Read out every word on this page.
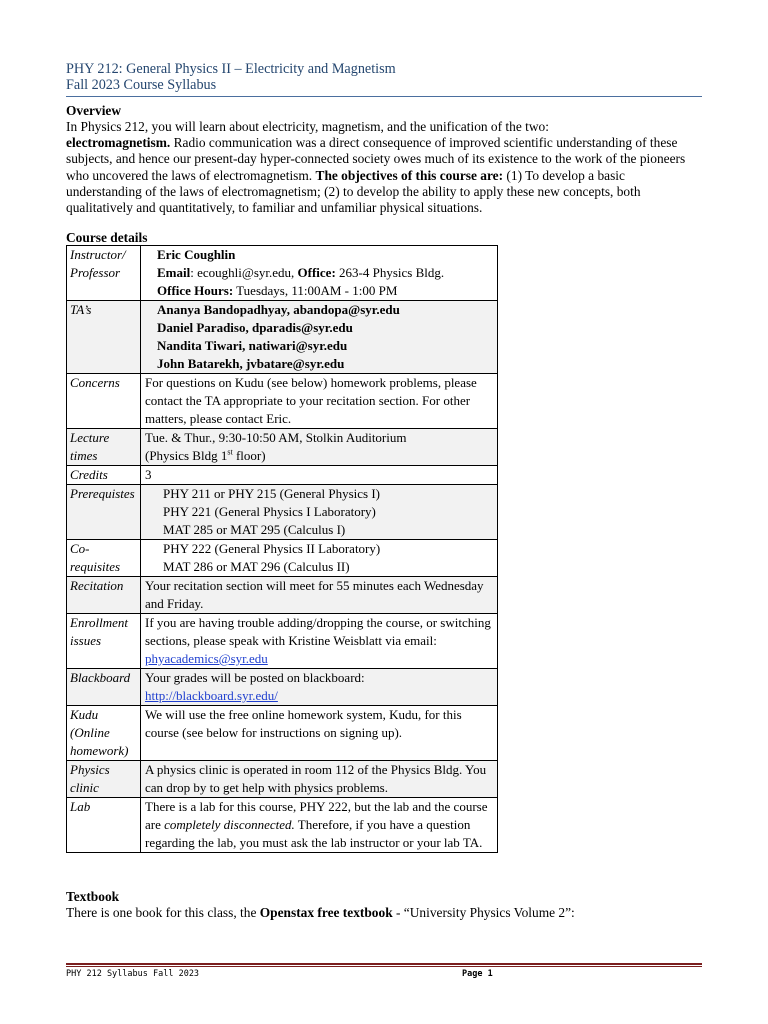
PHY 212: General Physics II – Electricity and Magnetism
Fall 2023 Course Syllabus
Overview
In Physics 212, you will learn about electricity, magnetism, and the unification of the two:
electromagnetism. Radio communication was a direct consequence of improved scientific understanding of these subjects, and hence our present-day hyper-connected society owes much of its existence to the work of the pioneers who uncovered the laws of electromagnetism. The objectives of this course are: (1) To develop a basic understanding of the laws of electromagnetism; (2) to develop the ability to apply these new concepts, both qualitatively and quantitatively, to familiar and unfamiliar physical situations.
Course details
Instructor/ Professor	Eric Coughlin
Email: ecoughli@syr.edu, Office: 263-4 Physics Bldg.
Office Hours: Tuesdays, 11:00AM - 1:00 PM

TA’s	Ananya Bandopadhyay, abandopa@syr.edu
Daniel Paradiso, dparadis@syr.edu
Nandita Tiwari, natiwari@syr.edu
John Batarekh, jvbatare@syr.edu

Concerns	For questions on Kudu (see below) homework problems, please contact the TA appropriate to your recitation section. For other matters, please contact Eric.
Lecture times	Tue. & Thur., 9:30-10:50 AM, Stolkin Auditorium
(Physics Bldg 1st floor)

Credits	3
Prerequistes	PHY 211 or PHY 215 (General Physics I)
PHY 221 (General Physics I Laboratory)
MAT 285 or MAT 295 (Calculus I)

Co-requisites	PHY 222 (General Physics II Laboratory)
MAT 286 or MAT 296 (Calculus II)

Recitation	Your recitation section will meet for 55 minutes each Wednesday and Friday.
Enrollment issues	If you are having trouble adding/dropping the course, or switching sections, please speak with Kristine Weisblatt via email: phyacademics@syr.edu
Blackboard	Your grades will be posted on blackboard:
http://blackboard.syr.edu/
Kudu (Online homework)	We will use the free online homework system, Kudu, for this course (see below for instructions on signing up).
Physics clinic	A physics clinic is operated in room 112 of the Physics Bldg. You can drop by to get help with physics problems.
Lab	There is a lab for this course, PHY 222, but the lab and the course are completely disconnected. Therefore, if you have a question regarding the lab, you must ask the lab instructor or your lab TA.
Textbook
There is one book for this class, the Openstax free textbook - “University Physics Volume 2”:
PHY 212 Syllabus Fall 2023	Page 1
